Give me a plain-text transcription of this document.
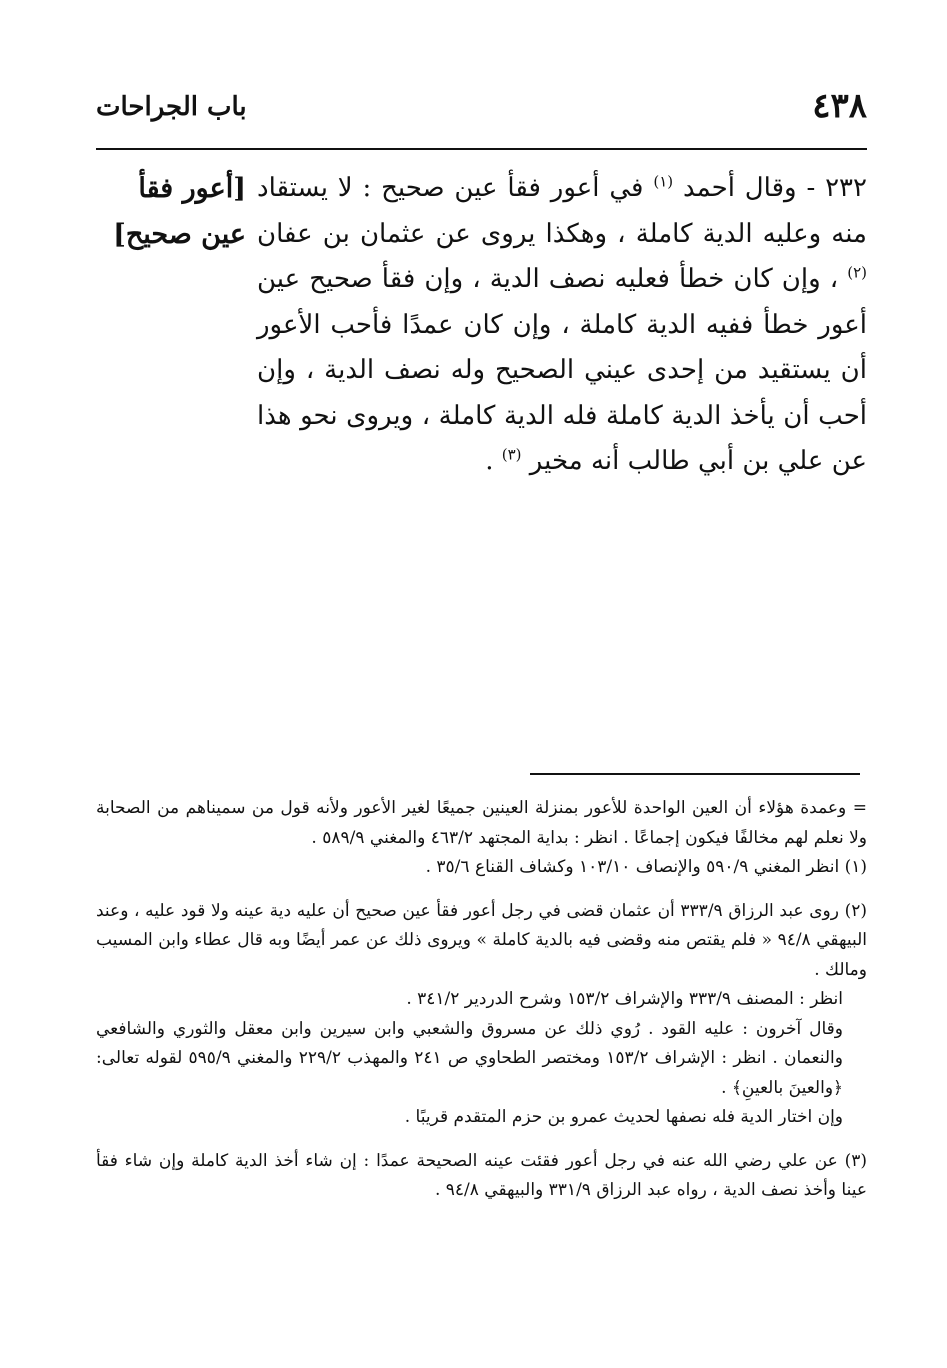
٤٣٨
باب الجراحات
٢٣٢ - وقال أحمد $^{(١)}$ في أعور فقأ عين صحيح : لا يستقاد منه وعليه الدية كاملة ، وهكذا يروى عن عثمان بن عفان $^{(٢)}$ ، وإن كان خطأ فعليه نصف الدية ، وإن فقأ صحيح عين أعور خطأ ففيه الدية كاملة ، وإن كان عمدًا فأحب الأعور أن يستقيد من إحدى عيني الصحيح وله نصف الدية ، وإن أحب أن يأخذ الدية كاملة فله الدية كاملة ، ويروى نحو هذا عن علي بن أبي طالب أنه مخير $^{(٣)}$ .
[أعور فقأ
عين صحيح]

= وعمدة هؤلاء أن العين الواحدة للأعور بمنزلة العينين جميعًا لغير الأعور ولأنه قول من سميناهم من الصحابة ولا نعلم لهم مخالفًا فيكون إجماعًا . انظر : بداية المجتهد ٤٦٣/٢ والمغني ٥٨٩/٩ .

(١) انظر المغني ٥٩٠/٩ والإنصاف ١٠٣/١٠ وكشاف القناع ٣٥/٦ .

(٢) روى عبد الرزاق ٣٣٣/٩ أن عثمان قضى في رجل أعور فقأ عين صحيح أن عليه دية عينه ولا قود عليه ، وعند البيهقي ٩٤/٨ « فلم يقتص منه وقضى فيه بالدية كاملة » ويروى ذلك عن عمر أيضًا وبه قال عطاء وابن المسيب ومالك .

انظر : المصنف ٣٣٣/٩ والإشراف ١٥٣/٢ وشرح الدردير ٣٤١/٢ .

وقال آخرون : عليه القود . رُوي ذلك عن مسروق والشعبي وابن سيرين وابن معقل والثوري والشافعي والنعمان . انظر : الإشراف ١٥٣/٢ ومختصر الطحاوي ص ٢٤١ والمهذب ٢٢٩/٢ والمغني ٥٩٥/٩ لقوله تعالى: ﴿والعينَ بالعينِ﴾ .

وإن اختار الدية فله نصفها لحديث عمرو بن حزم المتقدم قريبًا .

(٣) عن علي رضي الله عنه في رجل أعور فقئت عينه الصحيحة عمدًا : إن شاء أخذ الدية كاملة وإن شاء فقأ عينا وأخذ نصف الدية ، رواه عبد الرزاق ٣٣١/٩ والبيهقي ٩٤/٨ .
